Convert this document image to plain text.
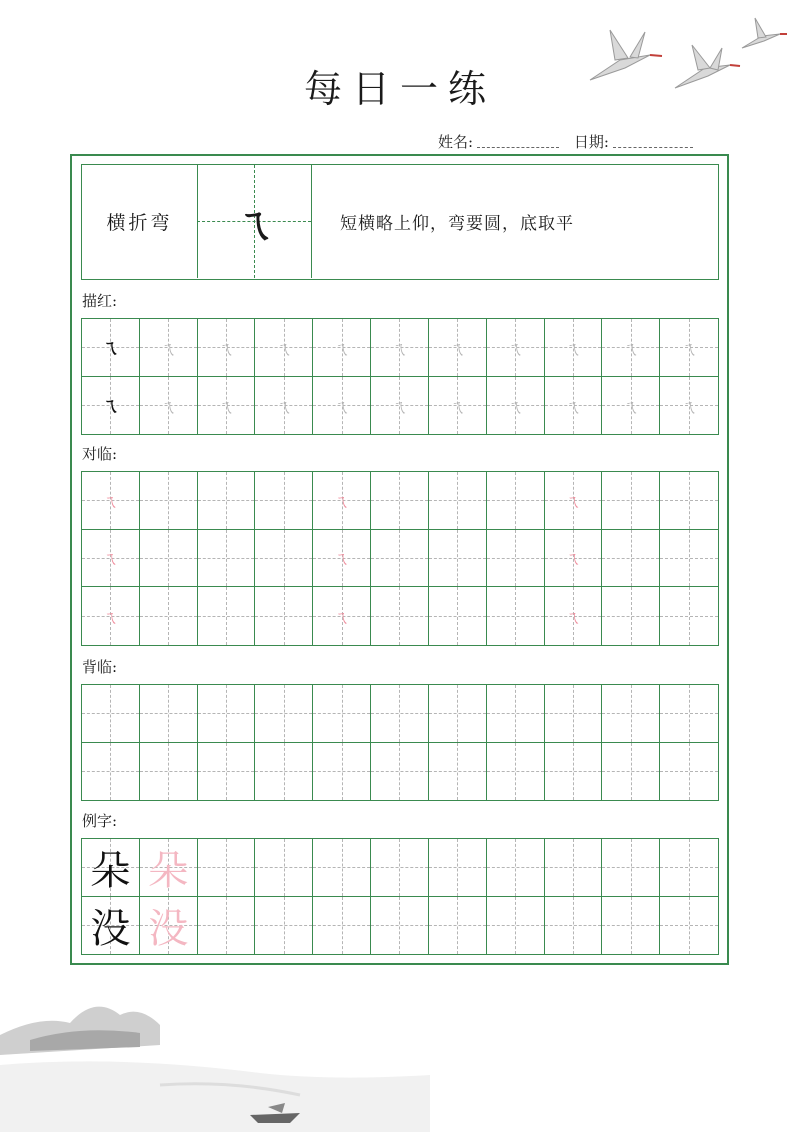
每日一练
姓名:	日期:
横折弯	ㄟ	短横略上仰，弯要圆，底取平
描红:
ㄟ	ㄟ	ㄟ	ㄟ	ㄟ	ㄟ	ㄟ	ㄟ	ㄟ	ㄟ	ㄟ
ㄟ	ㄟ	ㄟ	ㄟ	ㄟ	ㄟ	ㄟ	ㄟ	ㄟ	ㄟ	ㄟ
对临:
ㄟ	ㄟ	ㄟ
ㄟ	ㄟ	ㄟ
ㄟ	ㄟ	ㄟ
背临:
例字:
朵 朵
没 没
